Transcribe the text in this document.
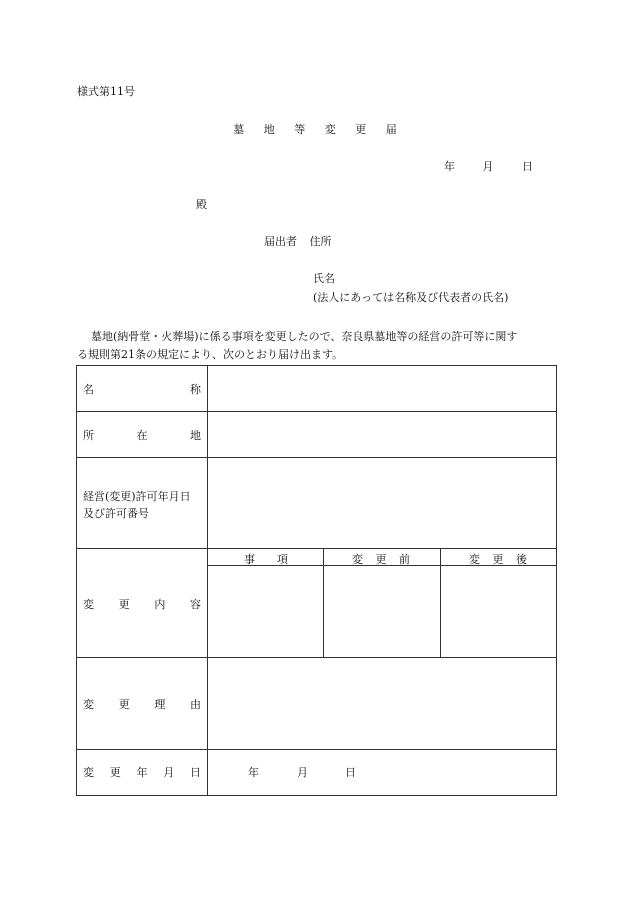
様式第11号
墓 地 等 変 更 届
年	月	日
殿
届出者 住所
氏名
(法人にあっては名称及び代表者の氏名)
墓地(納骨堂・火葬場)に係る事項を変更したので、奈良県墓地等の経営の許可等に関す
る規則第21条の規定により、次のとおり届け出ます。
名	称
所	在	地
経営(変更)許可年月日
及び許可番号
変 更 内 容
事 項	変 更 前	変 更 後
変 更 理 由
変 更 年 月 日	年	月	日
